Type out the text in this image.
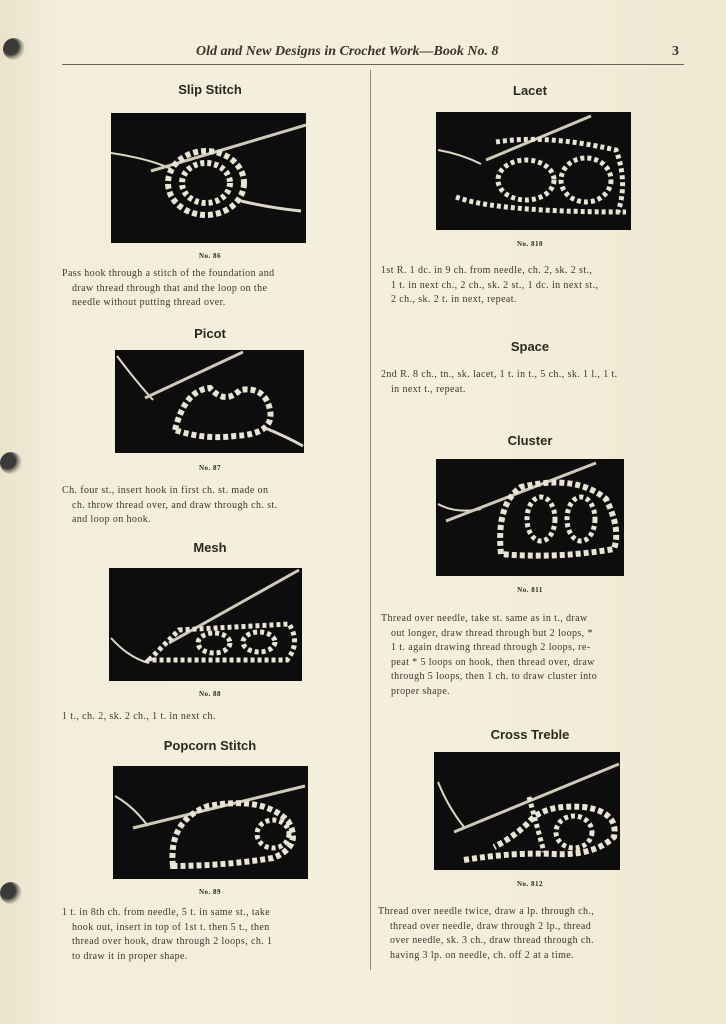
Old and New Designs in Crochet Work—Book No. 8	3
Slip Stitch
No. 86
Pass hook through a stitch of the foundation and
draw thread through that and the loop on the
needle without putting thread over.
Picot
No. 87
Ch. four st., insert hook in first ch. st. made on
ch. throw thread over, and draw through ch. st.
and loop on hook.
Mesh
No. 88
1 t., ch. 2, sk. 2 ch., 1 t. in next ch.
Popcorn Stitch
No. 89
1 t. in 8th ch. from needle, 5 t. in same st., take
hook out, insert in top of 1st t. then 5 t., then
thread over hook, draw through 2 loops, ch. 1
to draw it in proper shape.
Lacet
No. 810
1st R. 1 dc. in 9 ch. from needle, ch. 2, sk. 2 st.,
1 t. in next ch., 2 ch., sk. 2 st., 1 dc. in next st.,
2 ch., sk. 2 t. in next, repeat.
Space
2nd R. 8 ch., tn., sk. lacet, 1 t. in t., 5 ch., sk. 1 l., 1 t.
in next t., repeat.
Cluster
No. 811
Thread over needle, take st. same as in t., draw
out longer, draw thread through but 2 loops, *
1 t. again drawing thread through 2 loops, re-
peat * 5 loops on hook, then thread over, draw
through 5 loops, then 1 ch. to draw cluster into
proper shape.
Cross Treble
No. 812
Thread over needle twice, draw a lp. through ch.,
thread over needle, draw through 2 lp., thread
over needle, sk. 3 ch., draw thread through ch.
having 3 lp. on needle, ch. off 2 at a time.
